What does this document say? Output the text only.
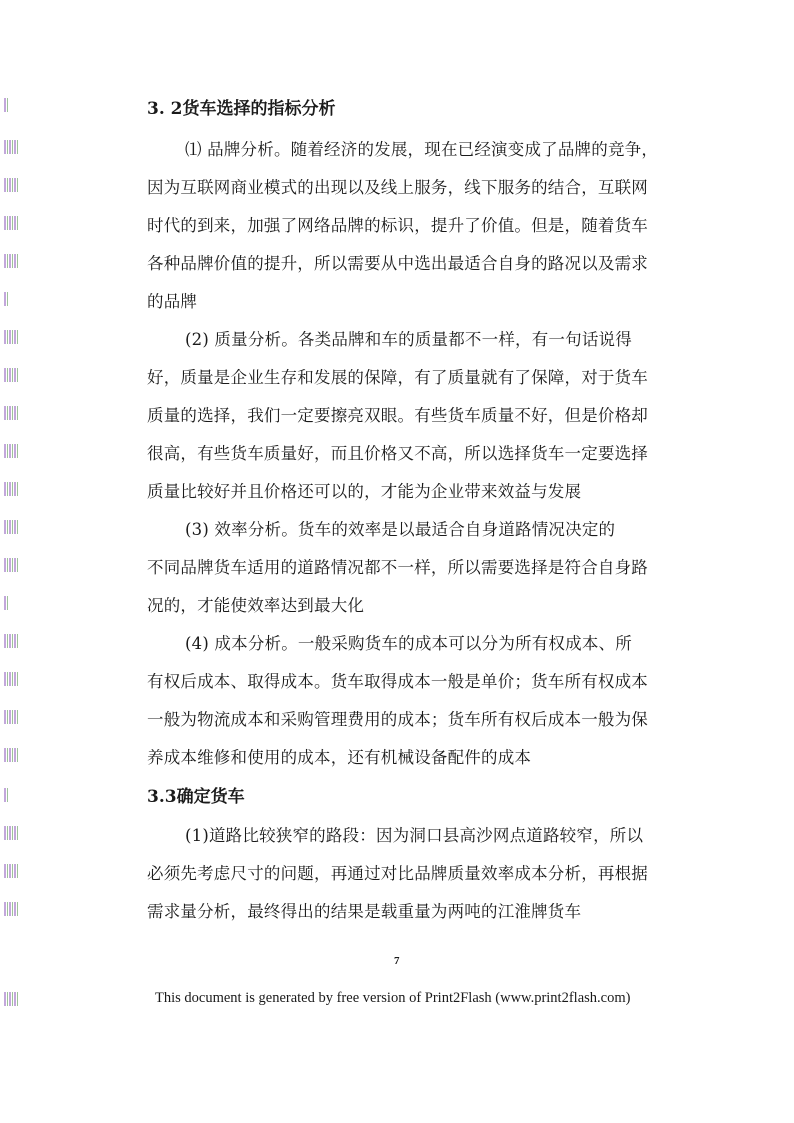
3. 2货车选择的指标分析
⑴ 品牌分析。随着经济的发展，现在已经演变成了品牌的竞争，
因为互联网商业模式的出现以及线上服务，线下服务的结合，互联网
时代的到来，加强了网络品牌的标识，提升了价值。但是，随着货车
各种品牌价值的提升，所以需要从中选出最适合自身的路况以及需求
的品牌
(2) 质量分析。各类品牌和车的质量都不一样，有一句话说得
好，质量是企业生存和发展的保障，有了质量就有了保障，对于货车
质量的选择，我们一定要擦亮双眼。有些货车质量不好，但是价格却
很高，有些货车质量好，而且价格又不高，所以选择货车一定要选择
质量比较好并且价格还可以的，才能为企业带来效益与发展
(3) 效率分析。货车的效率是以最适合自身道路情况决定的
不同品牌货车适用的道路情况都不一样，所以需要选择是符合自身路
况的，才能使效率达到最大化
(4) 成本分析。一般采购货车的成本可以分为所有权成本、所
有权后成本、取得成本。货车取得成本一般是单价；货车所有权成本
一般为物流成本和采购管理费用的成本；货车所有权后成本一般为保
养成本维修和使用的成本，还有机械设备配件的成本
3.3确定货车
(1)道路比较狭窄的路段：因为洞口县高沙网点道路较窄，所以
必须先考虑尺寸的问题，再通过对比品牌质量效率成本分析，再根据
需求量分析，最终得出的结果是载重量为两吨的江淮牌货车
7
This document is generated by free version of Print2Flash (www.print2flash.com)
